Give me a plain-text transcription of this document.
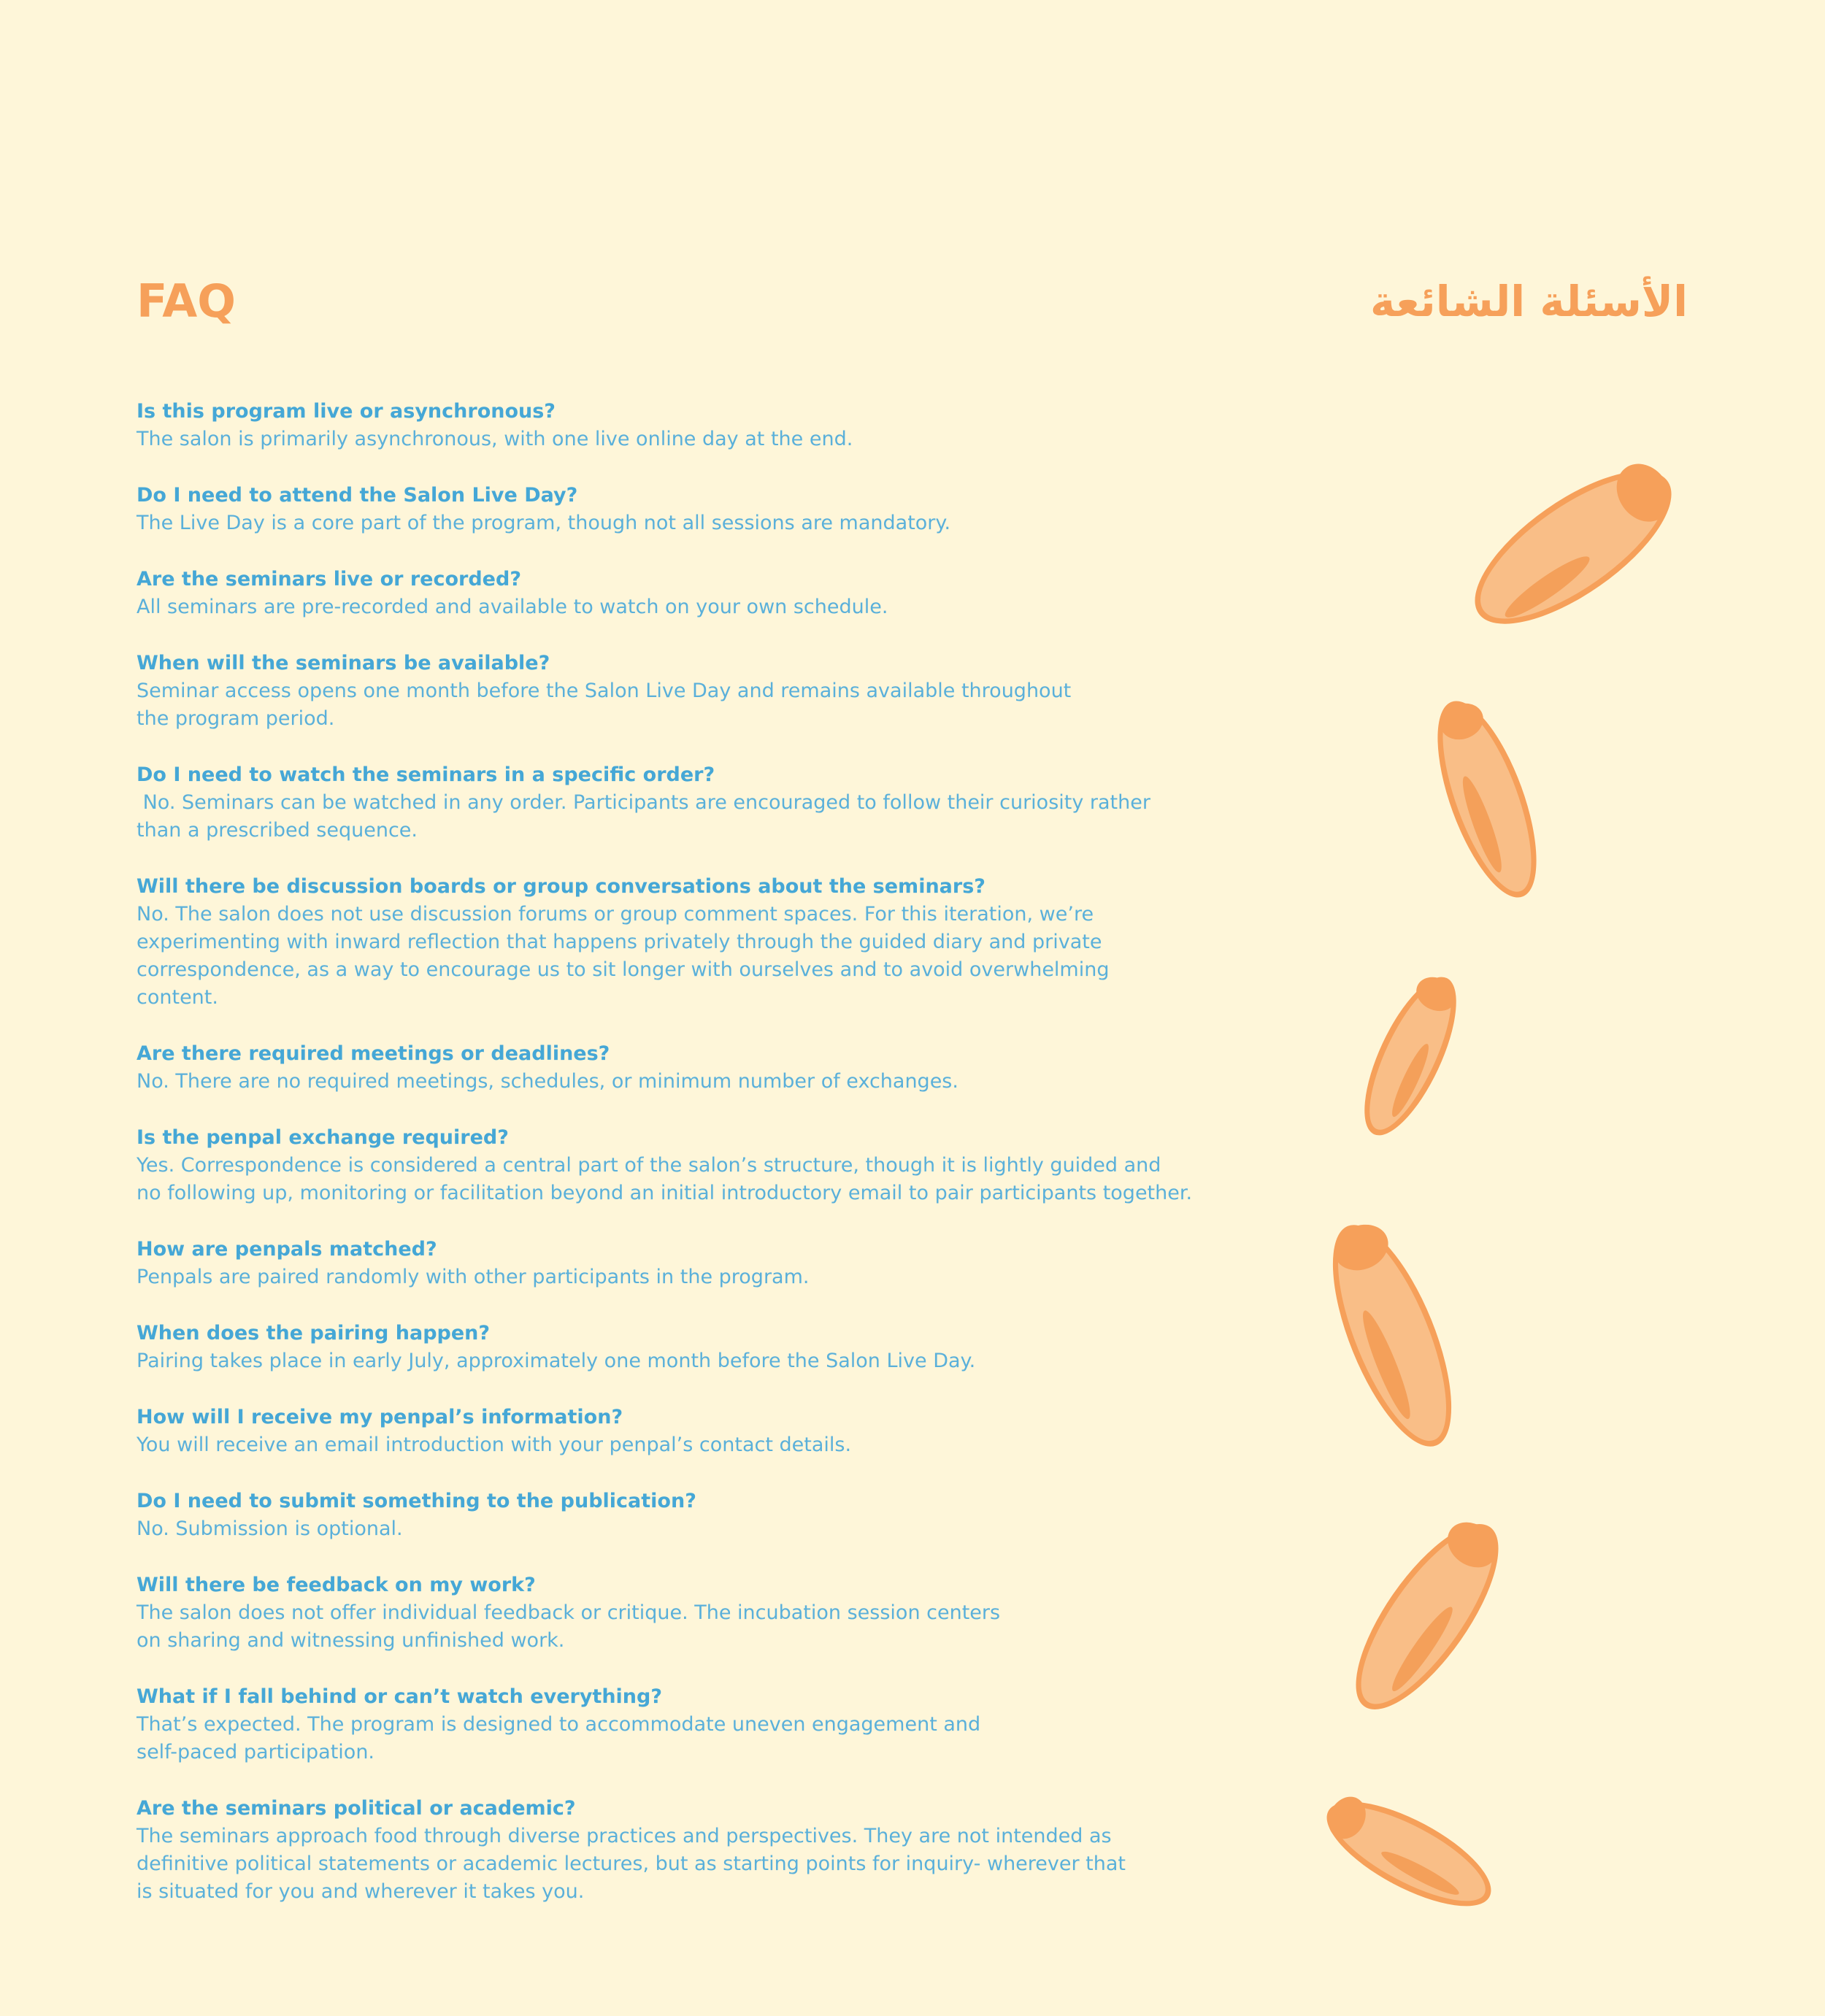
FAQ	الأسئلة الشائعة

Is this program live or asynchronous?

The salon is primarily asynchronous, with one live online day at the end.

Do I need to attend the Salon Live Day?

The Live Day is a core part of the program, though not all sessions are mandatory.

Are the seminars live or recorded?

All seminars are pre-recorded and available to watch on your own schedule.

When will the seminars be available?

Seminar access opens one month before the Salon Live Day and remains available throughout
the program period.

Do I need to watch the seminars in a specific order?

No. Seminars can be watched in any order. Participants are encouraged to follow their curiosity rather
than a prescribed sequence.

Will there be discussion boards or group conversations about the seminars?

No. The salon does not use discussion forums or group comment spaces. For this iteration, we’re
experimenting with inward reflection that happens privately through the guided diary and private
correspondence, as a way to encourage us to sit longer with ourselves and to avoid overwhelming
content.

Are there required meetings or deadlines?

No. There are no required meetings, schedules, or minimum number of exchanges.

Is the penpal exchange required?

Yes. Correspondence is considered a central part of the salon’s structure, though it is lightly guided and
no following up, monitoring or facilitation beyond an initial introductory email to pair participants together.

How are penpals matched?

Penpals are paired randomly with other participants in the program.

When does the pairing happen?

Pairing takes place in early July, approximately one month before the Salon Live Day.

How will I receive my penpal’s information?

You will receive an email introduction with your penpal’s contact details.

Do I need to submit something to the publication?

No. Submission is optional.

Will there be feedback on my work?

The salon does not offer individual feedback or critique. The incubation session centers
on sharing and witnessing unfinished work.

What if I fall behind or can’t watch everything?

That’s expected. The program is designed to accommodate uneven engagement and
self-paced participation.

Are the seminars political or academic?

The seminars approach food through diverse practices and perspectives. They are not intended as
definitive political statements or academic lectures, but as starting points for inquiry- wherever that
is situated for you and wherever it takes you.
